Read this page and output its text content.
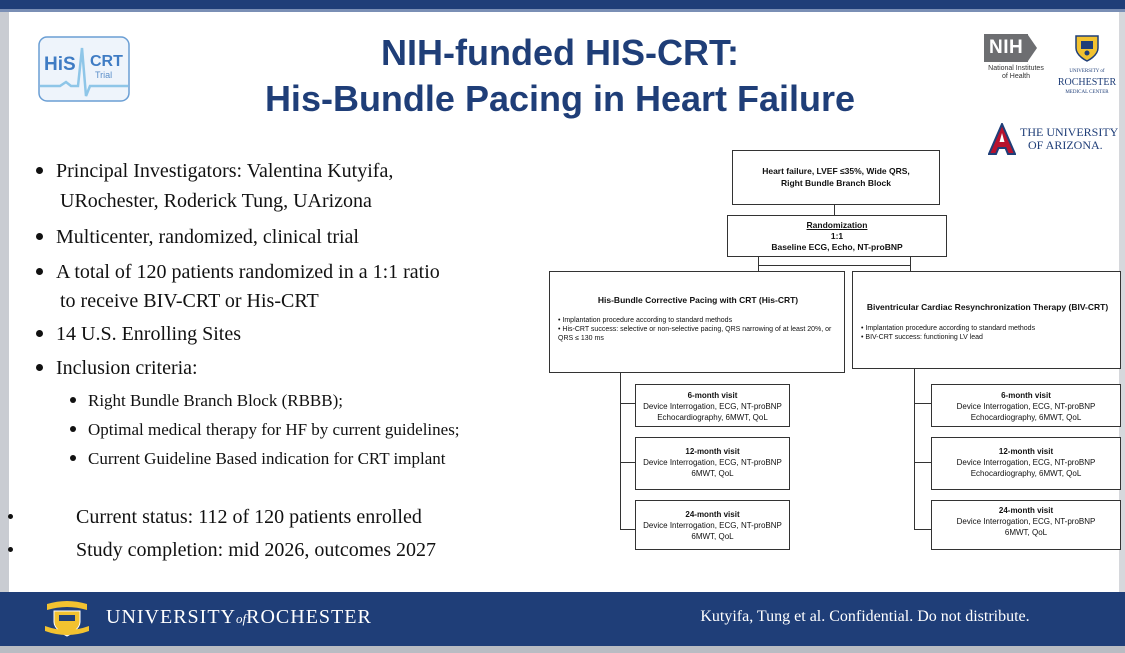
HiS CRT
Trial
NIH-funded HIS-CRT:
His-Bundle Pacing in Heart Failure
NIH
National Institutes
of Health
UNIVERSITY of
ROCHESTER
MEDICAL CENTER
THE UNIVERSITY
OF ARIZONA.
Principal Investigators: Valentina Kutyifa,
URochester, Roderick Tung, UArizona
Multicenter, randomized, clinical trial
A total of 120 patients randomized in a 1:1 ratio
to receive BIV-CRT or His-CRT
14 U.S. Enrolling Sites
Inclusion criteria:
Right Bundle Branch Block (RBBB);
Optimal medical therapy for HF by current guidelines;
Current Guideline Based indication for CRT implant
Current status: 112 of 120 patients enrolled
Study completion: mid 2026, outcomes 2027
Heart failure, LVEF ≤35%, Wide QRS,
Right Bundle Branch Block
Randomization
1:1
Baseline ECG, Echo, NT-proBNP
His-Bundle Corrective Pacing with CRT (His-CRT)
• Implantation procedure according to standard methods
• His-CRT success: selective or non-selective pacing, QRS narrowing of at least 20%, or QRS ≤ 130 ms
Biventricular Cardiac Resynchronization Therapy (BIV-CRT)
• Implantation procedure according to standard methods
• BIV-CRT success: functioning LV lead
6-month visit
Device Interrogation, ECG, NT-proBNP
Echocardiography, 6MWT, QoL
12-month visit
Device Interrogation, ECG, NT-proBNP
6MWT, QoL
24-month visit
Device Interrogation, ECG, NT-proBNP
6MWT, QoL
6-month visit
Device Interrogation, ECG, NT-proBNP
Echocardiography, 6MWT, QoL
12-month visit
Device Interrogation, ECG, NT-proBNP
Echocardiography, 6MWT, QoL
24-month visit
Device Interrogation, ECG, NT-proBNP
6MWT, QoL
UNIVERSITYofROCHESTER	Kutyifa, Tung et al. Confidential. Do not distribute.
